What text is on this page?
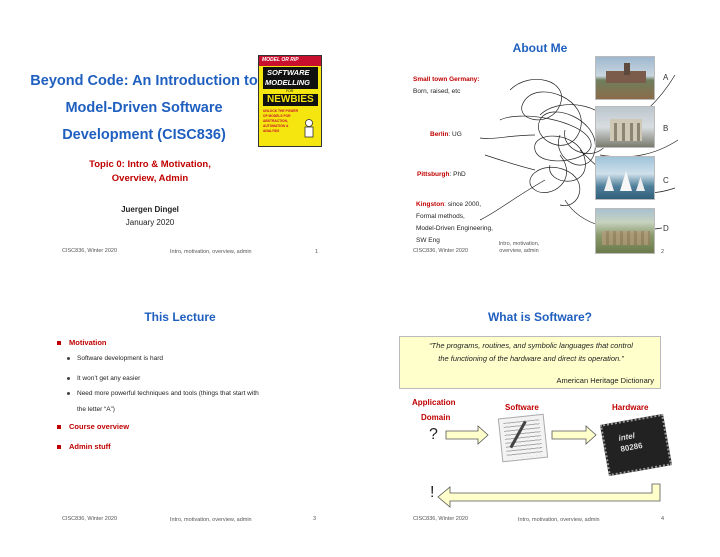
MODEL OR RIP
SOFTWARE
MODELLING
FOR
NEWBIES
UNLOCK THE POWER OF MODELS FOR ABSTRACTION, AUTOMATION & ANALYSIS
Beyond Code: An Introduction to
Model-Driven Software
Development (CISC836)
Topic 0: Intro & Motivation,
Overview, Admin
Juergen Dingel
January 2020
CISC836, Winter 2020	Intro, motivation, overview, admin	1
About Me
Small town Germany:
Born, raised, etc
Berlin: UG
Pittsburgh: PhD
Kingston: since 2000,
Formal methods,
Model-Driven Engineering,
SW Eng
A
B
C
D
CISC836, Winter 2020
Intro, motivation,
overview, admin	2
This Lecture
Motivation
Software development is hard
It won’t get any easier
Need more powerful techniques and tools (things that start with
the letter “A”)
Course overview
Admin stuff
CISC836, Winter 2020	Intro, motivation, overview, admin	3
What is Software?
“The programs, routines, and symbolic languages that control
the functioning of the hardware and direct its operation.”
American Heritage Dictionary
Application
Domain
Software	Hardware
?	intel
80286
!
CISC836, Winter 2020	Intro, motivation, overview, admin	4
